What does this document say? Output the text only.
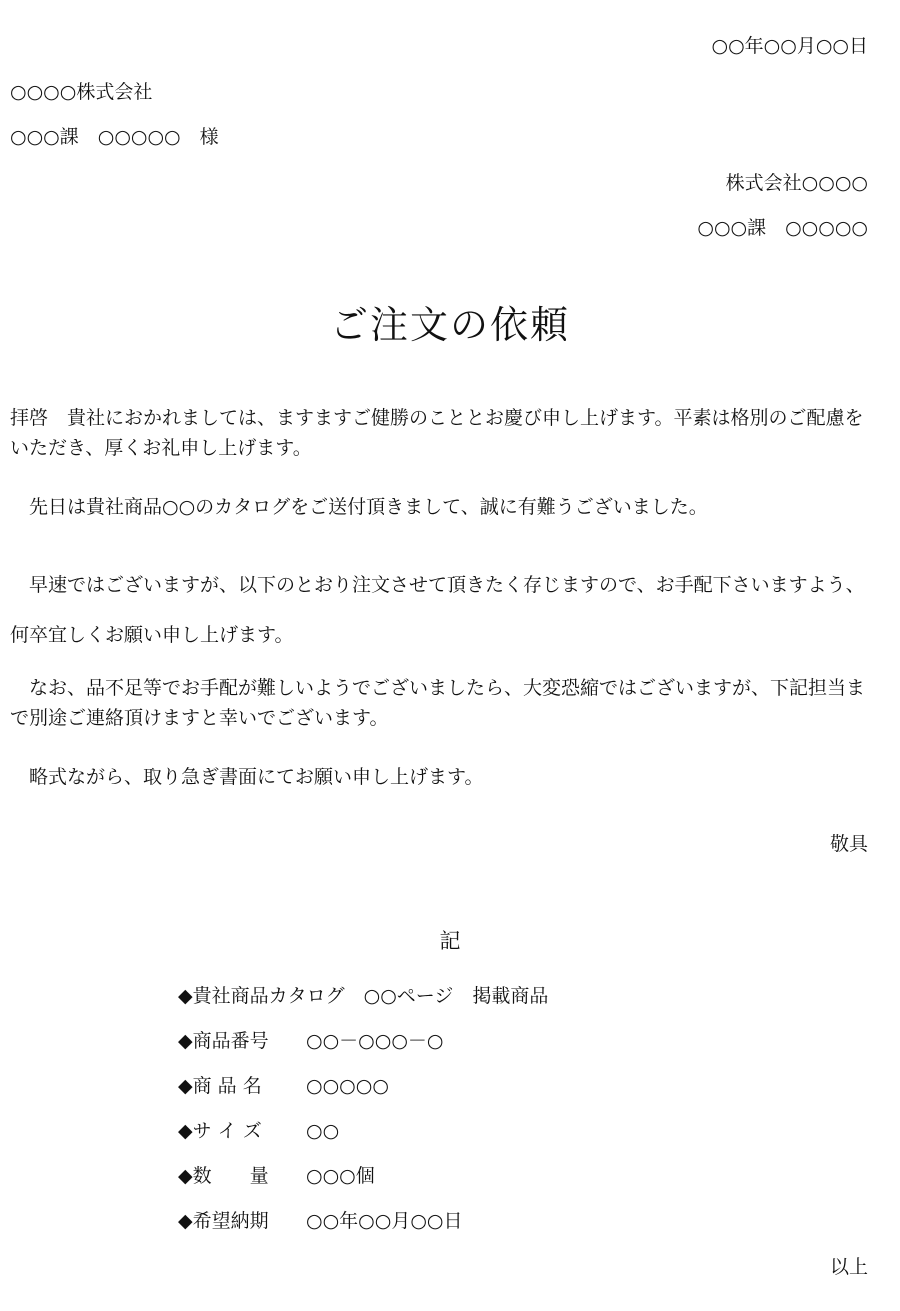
○○年○○月○○日
○○○○株式会社
○○○課　○○○○○　様
株式会社○○○○
○○○課　○○○○○
ご注文の依頼
拝啓　貴社におかれましては、ますますご健勝のこととお慶び申し上げます。平素は格別のご配慮をいただき、厚くお礼申し上げます。
　先日は貴社商品○○のカタログをご送付頂きまして、誠に有難うございました。
　早速ではございますが、以下のとおり注文させて頂きたく存じますので、お手配下さいますよう、何卒宜しくお願い申し上げます。
　なお、品不足等でお手配が難しいようでございましたら、大変恐縮ではございますが、下記担当まで別途ご連絡頂けますと幸いでございます。
　略式ながら、取り急ぎ書面にてお願い申し上げます。
敬具
記
◆貴社商品カタログ　○○ページ　掲載商品
◆商品番号 ○○－○○○－○
◆商 品 名 ○○○○○
◆サ イ ズ ○○
◆数　　量 ○○○個
◆希望納期 ○○年○○月○○日
以上
